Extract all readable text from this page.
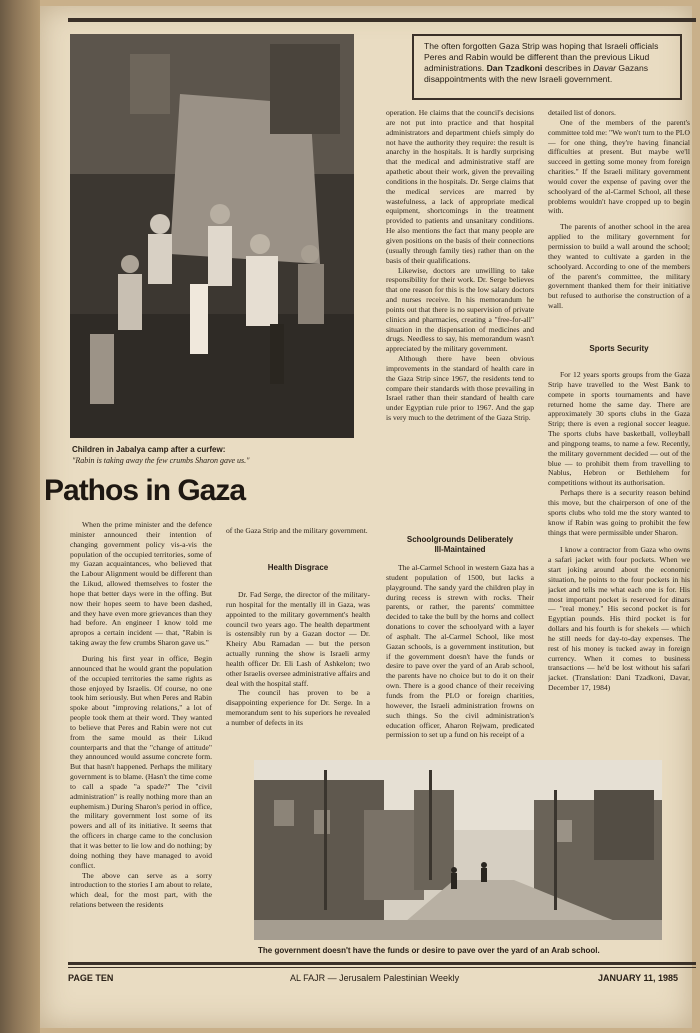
Children in Jabalya camp after a curfew:
"Rabin is taking away the few crumbs Sharon gave us."
The often forgotten Gaza Strip was hoping that Israeli officials Peres and Rabin would be different than the previous Likud administrations. Dan Tzadkoni describes in Davar Gazans disappointments with the new Israeli government.
Pathos in Gaza

When the prime minister and the defence minister announced their intention of changing government policy vis-a-vis the population of the occupied territories, some of my Gazan acquaintances, who believed that the Labour Alignment would be different than the Likud, allowed themselves to foster the hope that better days were in the offing. But now their hopes seem to have been dashed, and they have even more grievances than they had before. An engineer I know told me apropos a certain incident — that, "Rabin is taking away the few crumbs Sharon gave us."

During his first year in office, Begin announced that he would grant the population of the occupied territories the same rights as those enjoyed by Israelis. Of course, no one took him seriously. But when Peres and Rabin spoke about "improving relations," a lot of people took them at their word. They wanted to believe that Peres and Rabin were not cut from the same mould as their Likud counterparts and that the "change of attitude" they announced would assume concrete form. But that hasn't happened. Perhaps the military government is to blame. (Hasn't the time come to call a spade "a spade?" The "civil administration" is really nothing more than an euphemism.) During Sharon's period in office, the military government lost some of its powers and all of its initiative. It seems that the officers in charge came to the conclusion that it was better to lie low and do nothing; by doing nothing they have managed to avoid conflict.

The above can serve as a sorry introduction to the stories I am about to relate, which deal, for the most part, with the relations between the residents

of the Gaza Strip and the military government.

Health Disgrace

Dr. Fad Serge, the director of the military-run hospital for the mentally ill in Gaza, was appointed to the military government's health council two years ago. The health department is ostensibly run by a Gazan doctor — Dr. Kheiry Abu Ramadan — but the person actually running the show is Israeli army health officer Dr. Eli Lash of Ashkelon; two other Israelis oversee administrative affairs and deal with the hospital staff.

The council has proven to be a disappointing experience for Dr. Serge. In a memorandum sent to his superiors he revealed a number of defects in its

operation. He claims that the council's decisions are not put into practice and that hospital administrators and department chiefs simply do not have the authority they require: the result is anarchy in the hospitals. It is hardly surprising that the medical and administrative staff are apathetic about their work, given the prevailing conditions in the hospitals. Dr. Serge claims that the medical services are marred by wastefulness, a lack of appropriate medical equipment, shortcomings in the treatment provided to patients and unsanitary conditions. He also mentions the fact that many people are given positions on the basis of their connections (usually through family ties) rather than on the basis of their qualifications.

Likewise, doctors are unwilling to take responsibility for their work. Dr. Serge believes that one reason for this is the low salary doctors and nurses receive. In his memorandum he points out that there is no supervision of private clinics and pharmacies, creating a "free-for-all" situation in the dispensation of medicines and drugs. Needless to say, his memorandum wasn't appreciated by the military government.

Although there have been obvious improvements in the standard of health care in the Gaza Strip since 1967, the residents tend to compare their standards with those prevailing in Israel rather than their standard of health care under Egyptian rule prior to 1967. And the gap is very much to the detriment of the Gaza Strip.

Schoolgrounds Deliberately
Ill-Maintained

The al-Carmel School in western Gaza has a student population of 1500, but lacks a playground. The sandy yard the children play in during recess is strewn with rocks. Their parents, or rather, the parents' committee decided to take the bull by the horns and collect donations to cover the schoolyard with a layer of asphalt. The al-Carmel School, like most Gazan schools, is a government institution, but if the government doesn't have the funds or desire to pave over the yard of an Arab school, the parents have no choice but to do it on their own. There is a good chance of their receiving funds from the PLO or foreign charities, however, the Israeli administration frowns on such things. So the civil administration's education officer, Aharon Rejwam, predicated permission to set up a fund on his receipt of a

detailed list of donors.

One of the members of the parent's committee told me: "We won't turn to the PLO — for one thing, they're having financial difficulties at present. But maybe we'll succeed in getting some money from foreign charities." If the Israeli military government would cover the expense of paving over the schoolyard of the al-Carmel School, all these problems wouldn't have cropped up to begin with.

The parents of another school in the area applied to the military government for permission to build a wall around the school; they wanted to cultivate a garden in the schoolyard. According to one of the members of the parent's committee, the military government thanked them for their initiative but refused to authorise the construction of a wall.

Sports Security

For 12 years sports groups from the Gaza Strip have travelled to the West Bank to compete in sports tournaments and have returned home the same day. There are approximately 30 sports clubs in the Gaza Strip; there is even a regional soccer league. The sports clubs have basketball, volleyball and pingpong teams, to name a few. Recently, the military government decided — out of the blue — to prohibit them from travelling to Nablus, Hebron or Bethlehem for competitions without its authorisation.

Perhaps there is a security reason behind this move, but the chairperson of one of the sports clubs who told me the story wanted to know if Rabin was going to prohibit the few things that were permissible under Sharon.

I know a contractor from Gaza who owns a safari jacket with four pockets. When we start joking around about the economic situation, he points to the four pockets in his jacket and tells me what each one is for. His most important pocket is reserved for dinars — "real money." His second pocket is for Egyptian pounds. His third pocket is for dollars and his fourth is for shekels — which he still needs for day-to-day expenses. The rest of his money is tucked away in foreign currency. When it comes to business transactions — he'd be lost without his safari jacket. (Translation: Dani Tzadkoni, Davar, December 17, 1984)

The government doesn't have the funds or desire to pave over the yard of an Arab school.
PAGE TEN	AL FAJR — Jerusalem Palestinian Weekly	JANUARY 11, 1985
